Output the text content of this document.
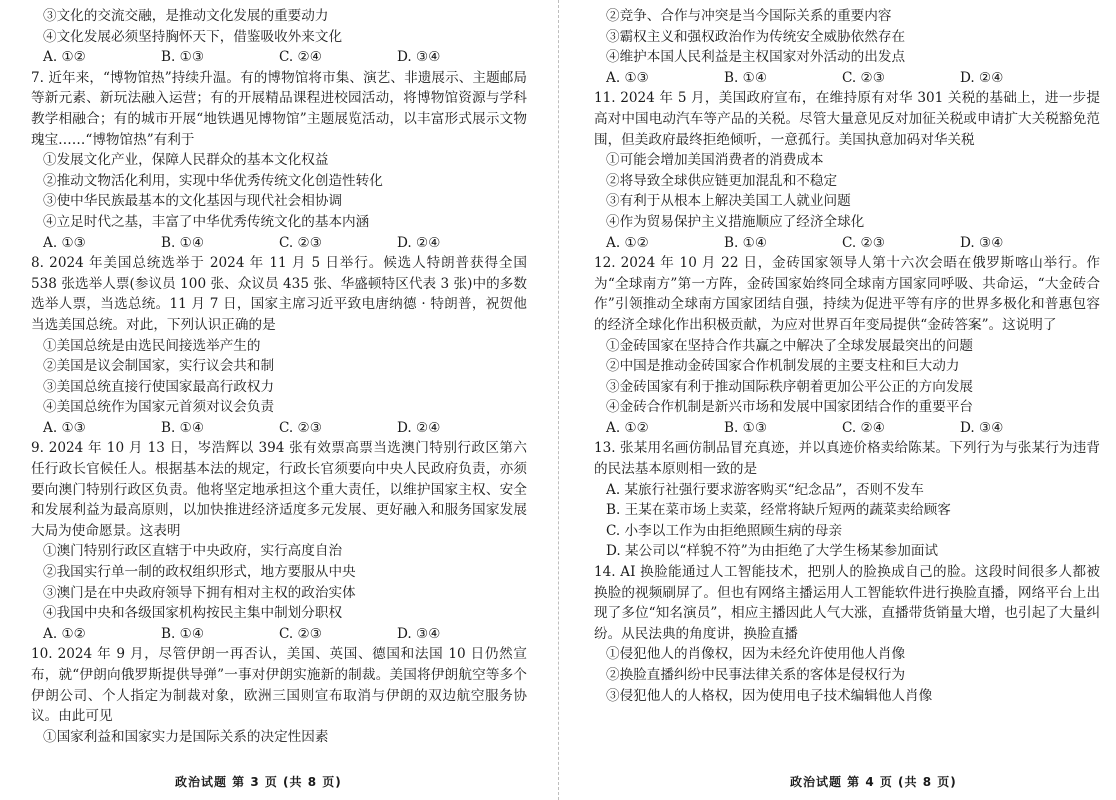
③文化的交流交融，是推动文化发展的重要动力
④文化发展必须坚持胸怀天下，借鉴吸收外来文化
A. ①②	B. ①③	C. ②④	D. ③④
7. 近年来，“博物馆热”持续升温。有的博物馆将市集、演艺、非遗展示、主题邮局等新元素、新玩法融入运营；有的开展精品课程进校园活动，将博物馆资源与学科教学相融合；有的城市开展“地铁遇见博物馆”主题展览活动，以丰富形式展示文物瑰宝……“博物馆热”有利于
①发展文化产业，保障人民群众的基本文化权益
②推动文物活化利用，实现中华优秀传统文化创造性转化
③使中华民族最基本的文化基因与现代社会相协调
④立足时代之基，丰富了中华优秀传统文化的基本内涵
A. ①③	B. ①④	C. ②③	D. ②④
8. 2024 年美国总统选举于 2024 年 11 月 5 日举行。候选人特朗普获得全国 538 张选举人票(参议员 100 张、众议员 435 张、华盛顿特区代表 3 张)中的多数选举人票，当选总统。11 月 7 日，国家主席习近平致电唐纳德 · 特朗普，祝贺他当选美国总统。对此，下列认识正确的是
①美国总统是由选民间接选举产生的
②美国是议会制国家，实行议会共和制
③美国总统直接行使国家最高行政权力
④美国总统作为国家元首须对议会负责
A. ①③	B. ①④	C. ②③	D. ②④
9. 2024 年 10 月 13 日，岑浩辉以 394 张有效票高票当选澳门特别行政区第六任行政长官候任人。根据基本法的规定，行政长官须要向中央人民政府负责，亦须要向澳门特别行政区负责。他将坚定地承担这个重大责任，以维护国家主权、安全和发展利益为最高原则，以加快推进经济适度多元发展、更好融入和服务国家发展大局为使命愿景。这表明
①澳门特别行政区直辖于中央政府，实行高度自治
②我国实行单一制的政权组织形式，地方要服从中央
③澳门是在中央政府领导下拥有相对主权的政治实体
④我国中央和各级国家机构按民主集中制划分职权
A. ①②	B. ①④	C. ②③	D. ③④
10. 2024 年 9 月，尽管伊朗一再否认，美国、英国、德国和法国 10 日仍然宣布，就“伊朗向俄罗斯提供导弹”一事对伊朗实施新的制裁。美国将伊朗航空等多个伊朗公司、个人指定为制裁对象，欧洲三国则宣布取消与伊朗的双边航空服务协议。由此可见
①国家利益和国家实力是国际关系的决定性因素
②竞争、合作与冲突是当今国际关系的重要内容
③霸权主义和强权政治作为传统安全威胁依然存在
④维护本国人民利益是主权国家对外活动的出发点
A. ①③	B. ①④	C. ②③	D. ②④
11. 2024 年 5 月，美国政府宣布，在维持原有对华 301 关税的基础上，进一步提高对中国电动汽车等产品的关税。尽管大量意见反对加征关税或申请扩大关税豁免范围，但美政府最终拒绝倾听，一意孤行。美国执意加码对华关税
①可能会增加美国消费者的消费成本
②将导致全球供应链更加混乱和不稳定
③有利于从根本上解决美国工人就业问题
④作为贸易保护主义措施顺应了经济全球化
A. ①②	B. ①④	C. ②③	D. ③④
12. 2024 年 10 月 22 日，金砖国家领导人第十六次会晤在俄罗斯喀山举行。作为“全球南方”第一方阵，金砖国家始终同全球南方国家同呼吸、共命运，“大金砖合作”引领推动全球南方国家团结自强，持续为促进平等有序的世界多极化和普惠包容的经济全球化作出积极贡献，为应对世界百年变局提供“金砖答案”。这说明了
①金砖国家在坚持合作共赢之中解决了全球发展最突出的问题
②中国是推动金砖国家合作机制发展的主要支柱和巨大动力
③金砖国家有利于推动国际秩序朝着更加公平公正的方向发展
④金砖合作机制是新兴市场和发展中国家团结合作的重要平台
A. ①②	B. ①③	C. ②④	D. ③④
13. 张某用名画仿制品冒充真迹，并以真迹价格卖给陈某。下列行为与张某行为违背的民法基本原则相一致的是
A. 某旅行社强行要求游客购买“纪念品”，否则不发车
B. 王某在菜市场上卖菜，经常将缺斤短两的蔬菜卖给顾客
C. 小李以工作为由拒绝照顾生病的母亲
D. 某公司以“样貌不符”为由拒绝了大学生杨某参加面试
14. AI 换脸能通过人工智能技术，把别人的脸换成自己的脸。这段时间很多人都被换脸的视频刷屏了。但也有网络主播运用人工智能软件进行换脸直播，网络平台上出现了多位“知名演员”，相应主播因此人气大涨，直播带货销量大增，也引起了大量纠纷。从民法典的角度讲，换脸直播
①侵犯他人的肖像权，因为未经允许使用他人肖像
②换脸直播纠纷中民事法律关系的客体是侵权行为
③侵犯他人的人格权，因为使用电子技术编辑他人肖像
政治试题 第 3 页 (共 8 页)	政治试题 第 4 页 (共 8 页)
